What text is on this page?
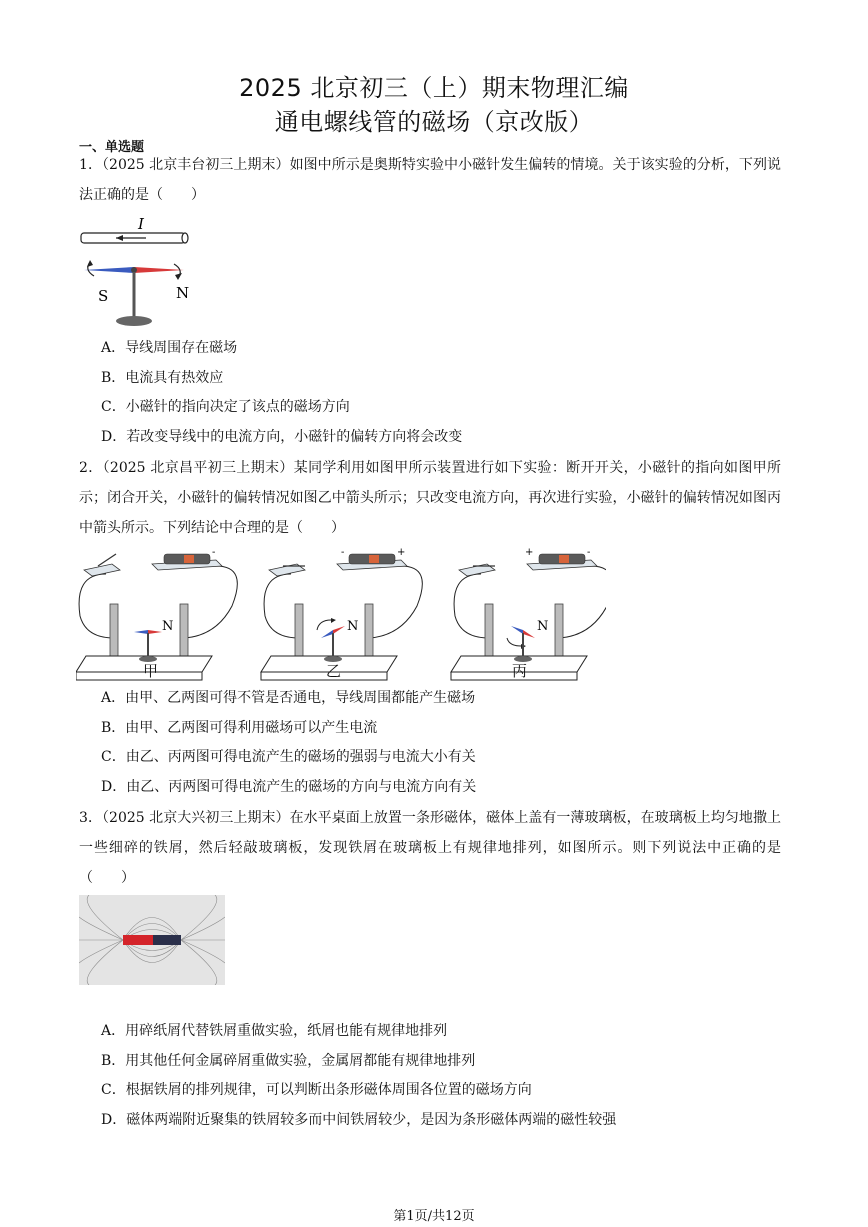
2025 北京初三（上）期末物理汇编
通电螺线管的磁场（京改版）
一、单选题
1．（2025 北京丰台初三上期末）如图中所示是奥斯特实验中小磁针发生偏转的情境。关于该实验的分析，下列说法正确的是（　　）
I
S	N
A．导线周围存在磁场
B．电流具有热效应
C．小磁针的指向决定了该点的磁场方向
D．若改变导线中的电流方向，小磁针的偏转方向将会改变
2．（2025 北京昌平初三上期末）某同学利用如图甲所示装置进行如下实验：断开开关，小磁针的指向如图甲所示；闭合开关，小磁针的偏转情况如图乙中箭头所示；只改变电流方向，再次进行实验，小磁针的偏转情况如图丙中箭头所示。下列结论中合理的是（　　）
-
N
-	+
N
+	-
N
甲	乙	丙
A．由甲、乙两图可得不管是否通电，导线周围都能产生磁场
B．由甲、乙两图可得利用磁场可以产生电流
C．由乙、丙两图可得电流产生的磁场的强弱与电流大小有关
D．由乙、丙两图可得电流产生的磁场的方向与电流方向有关
3．（2025 北京大兴初三上期末）在水平桌面上放置一条形磁体，磁体上盖有一薄玻璃板，在玻璃板上均匀地撒上一些细碎的铁屑，然后轻敲玻璃板，发现铁屑在玻璃板上有规律地排列，如图所示。则下列说法中正确的是（　　）
A．用碎纸屑代替铁屑重做实验，纸屑也能有规律地排列
B．用其他任何金属碎屑重做实验，金属屑都能有规律地排列
C．根据铁屑的排列规律，可以判断出条形磁体周围各位置的磁场方向
D．磁体两端附近聚集的铁屑较多而中间铁屑较少，是因为条形磁体两端的磁性较强
第1页/共12页
